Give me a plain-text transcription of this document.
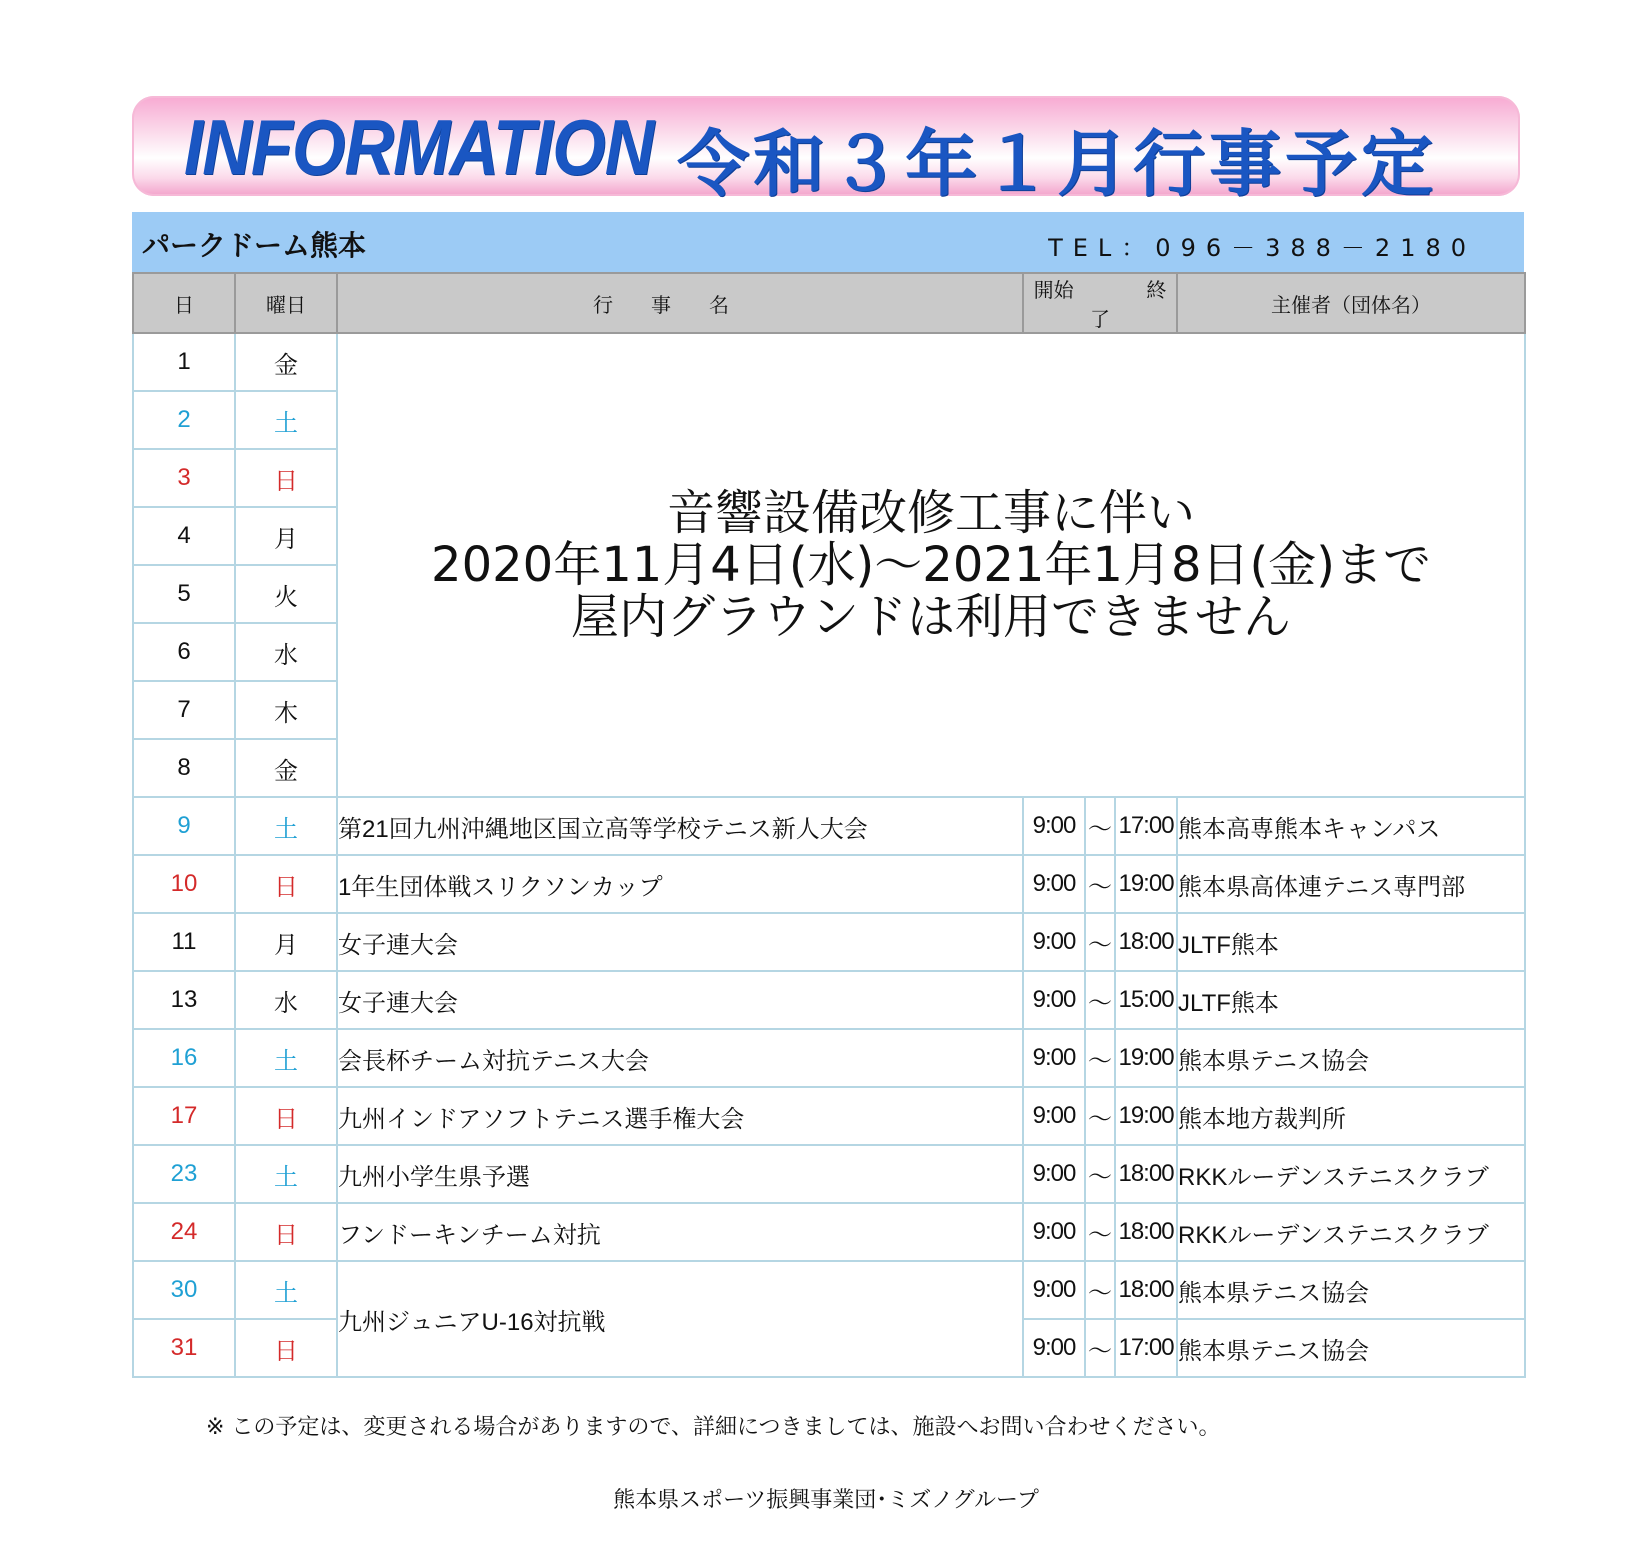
INFORMATION 令和３年１月行事予定
パークドーム熊本	TEL：096－388－2180
日	曜日	行事名	開始 終了			主催者（団体名）
1	金	音響設備改修工事に伴い
2020年11月4日(水)～2021年1月8日(金)まで
屋内グラウンドは利用できません				

2	土					
3	日					
4	月					
5	火					
6	水					
7	木					
8	金					
9	土	第21回九州沖縄地区国立高等学校テニス新人大会	9:00	～	17:00	熊本高専熊本キャンパス
10	日	1年生団体戦スリクソンカップ	9:00	～	19:00	熊本県高体連テニス専門部
11	月	女子連大会	9:00	～	18:00	JLTF熊本
13	水	女子連大会	9:00	～	15:00	JLTF熊本
16	土	会長杯チーム対抗テニス大会	9:00	～	19:00	熊本県テニス協会
17	日	九州インドアソフトテニス選手権大会	9:00	～	19:00	熊本地方裁判所
23	土	九州小学生県予選	9:00	～	18:00	RKKルーデンステニスクラブ
24	日	フンドーキンチーム対抗	9:00	～	18:00	RKKルーデンステニスクラブ
30	土	九州ジュニアU-16対抗戦	9:00	～	18:00	熊本県テニス協会
31	日		9:00	～	17:00	熊本県テニス協会
※ この予定は、変更される場合がありますので、詳細につきましては、施設へお問い合わせください。
熊本県スポーツ振興事業団･ミズノグループ
